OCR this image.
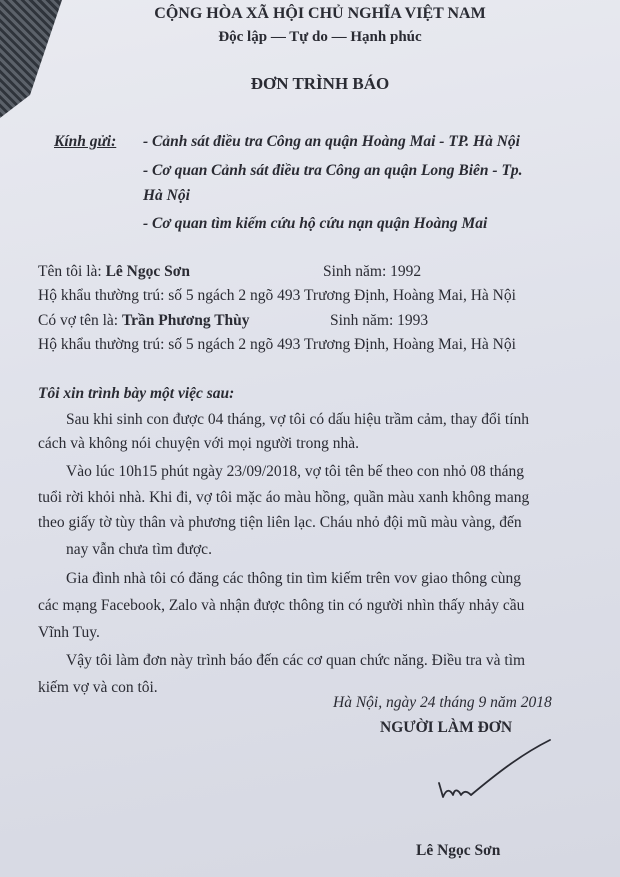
CỘNG HÒA XÃ HỘI CHỦ NGHĨA VIỆT NAM
Độc lập — Tự do — Hạnh phúc
ĐƠN TRÌNH BÁO
Kính gửi: - Cảnh sát điều tra Công an quận Hoàng Mai - TP. Hà Nội
- Cơ quan Cảnh sát điều tra Công an quận Long Biên - Tp.
Hà Nội
- Cơ quan tìm kiếm cứu hộ cứu nạn quận Hoàng Mai
Tên tôi là: Lê Ngọc Sơn	Sinh năm: 1992
Hộ khẩu thường trú: số 5 ngách 2 ngõ 493 Trương Định, Hoàng Mai, Hà Nội
Có vợ tên là: Trần Phương Thùy	Sinh năm: 1993
Hộ khẩu thường trú: số 5 ngách 2 ngõ 493 Trương Định, Hoàng Mai, Hà Nội
Tôi xin trình bày một việc sau:
Sau khi sinh con được 04 tháng, vợ tôi có dấu hiệu trầm cảm, thay đổi tính
cách và không nói chuyện với mọi người trong nhà.
Vào lúc 10h15 phút ngày 23/09/2018, vợ tôi tên bế theo con nhỏ 08 tháng
tuổi rời khỏi nhà. Khi đi, vợ tôi mặc áo màu hồng, quần màu xanh không mang
theo giấy tờ tùy thân và phương tiện liên lạc. Cháu nhỏ đội mũ màu vàng, đến
nay vẫn chưa tìm được.
Gia đình nhà tôi có đăng các thông tin tìm kiếm trên vov giao thông cùng
các mạng Facebook, Zalo và nhận được thông tin có người nhìn thấy nhảy cầu
Vĩnh Tuy.
Vậy tôi làm đơn này trình báo đến các cơ quan chức năng. Điều tra và tìm
kiếm vợ và con tôi.
Hà Nội, ngày 24 tháng 9 năm 2018
NGƯỜI LÀM ĐƠN
Lê Ngọc Sơn
